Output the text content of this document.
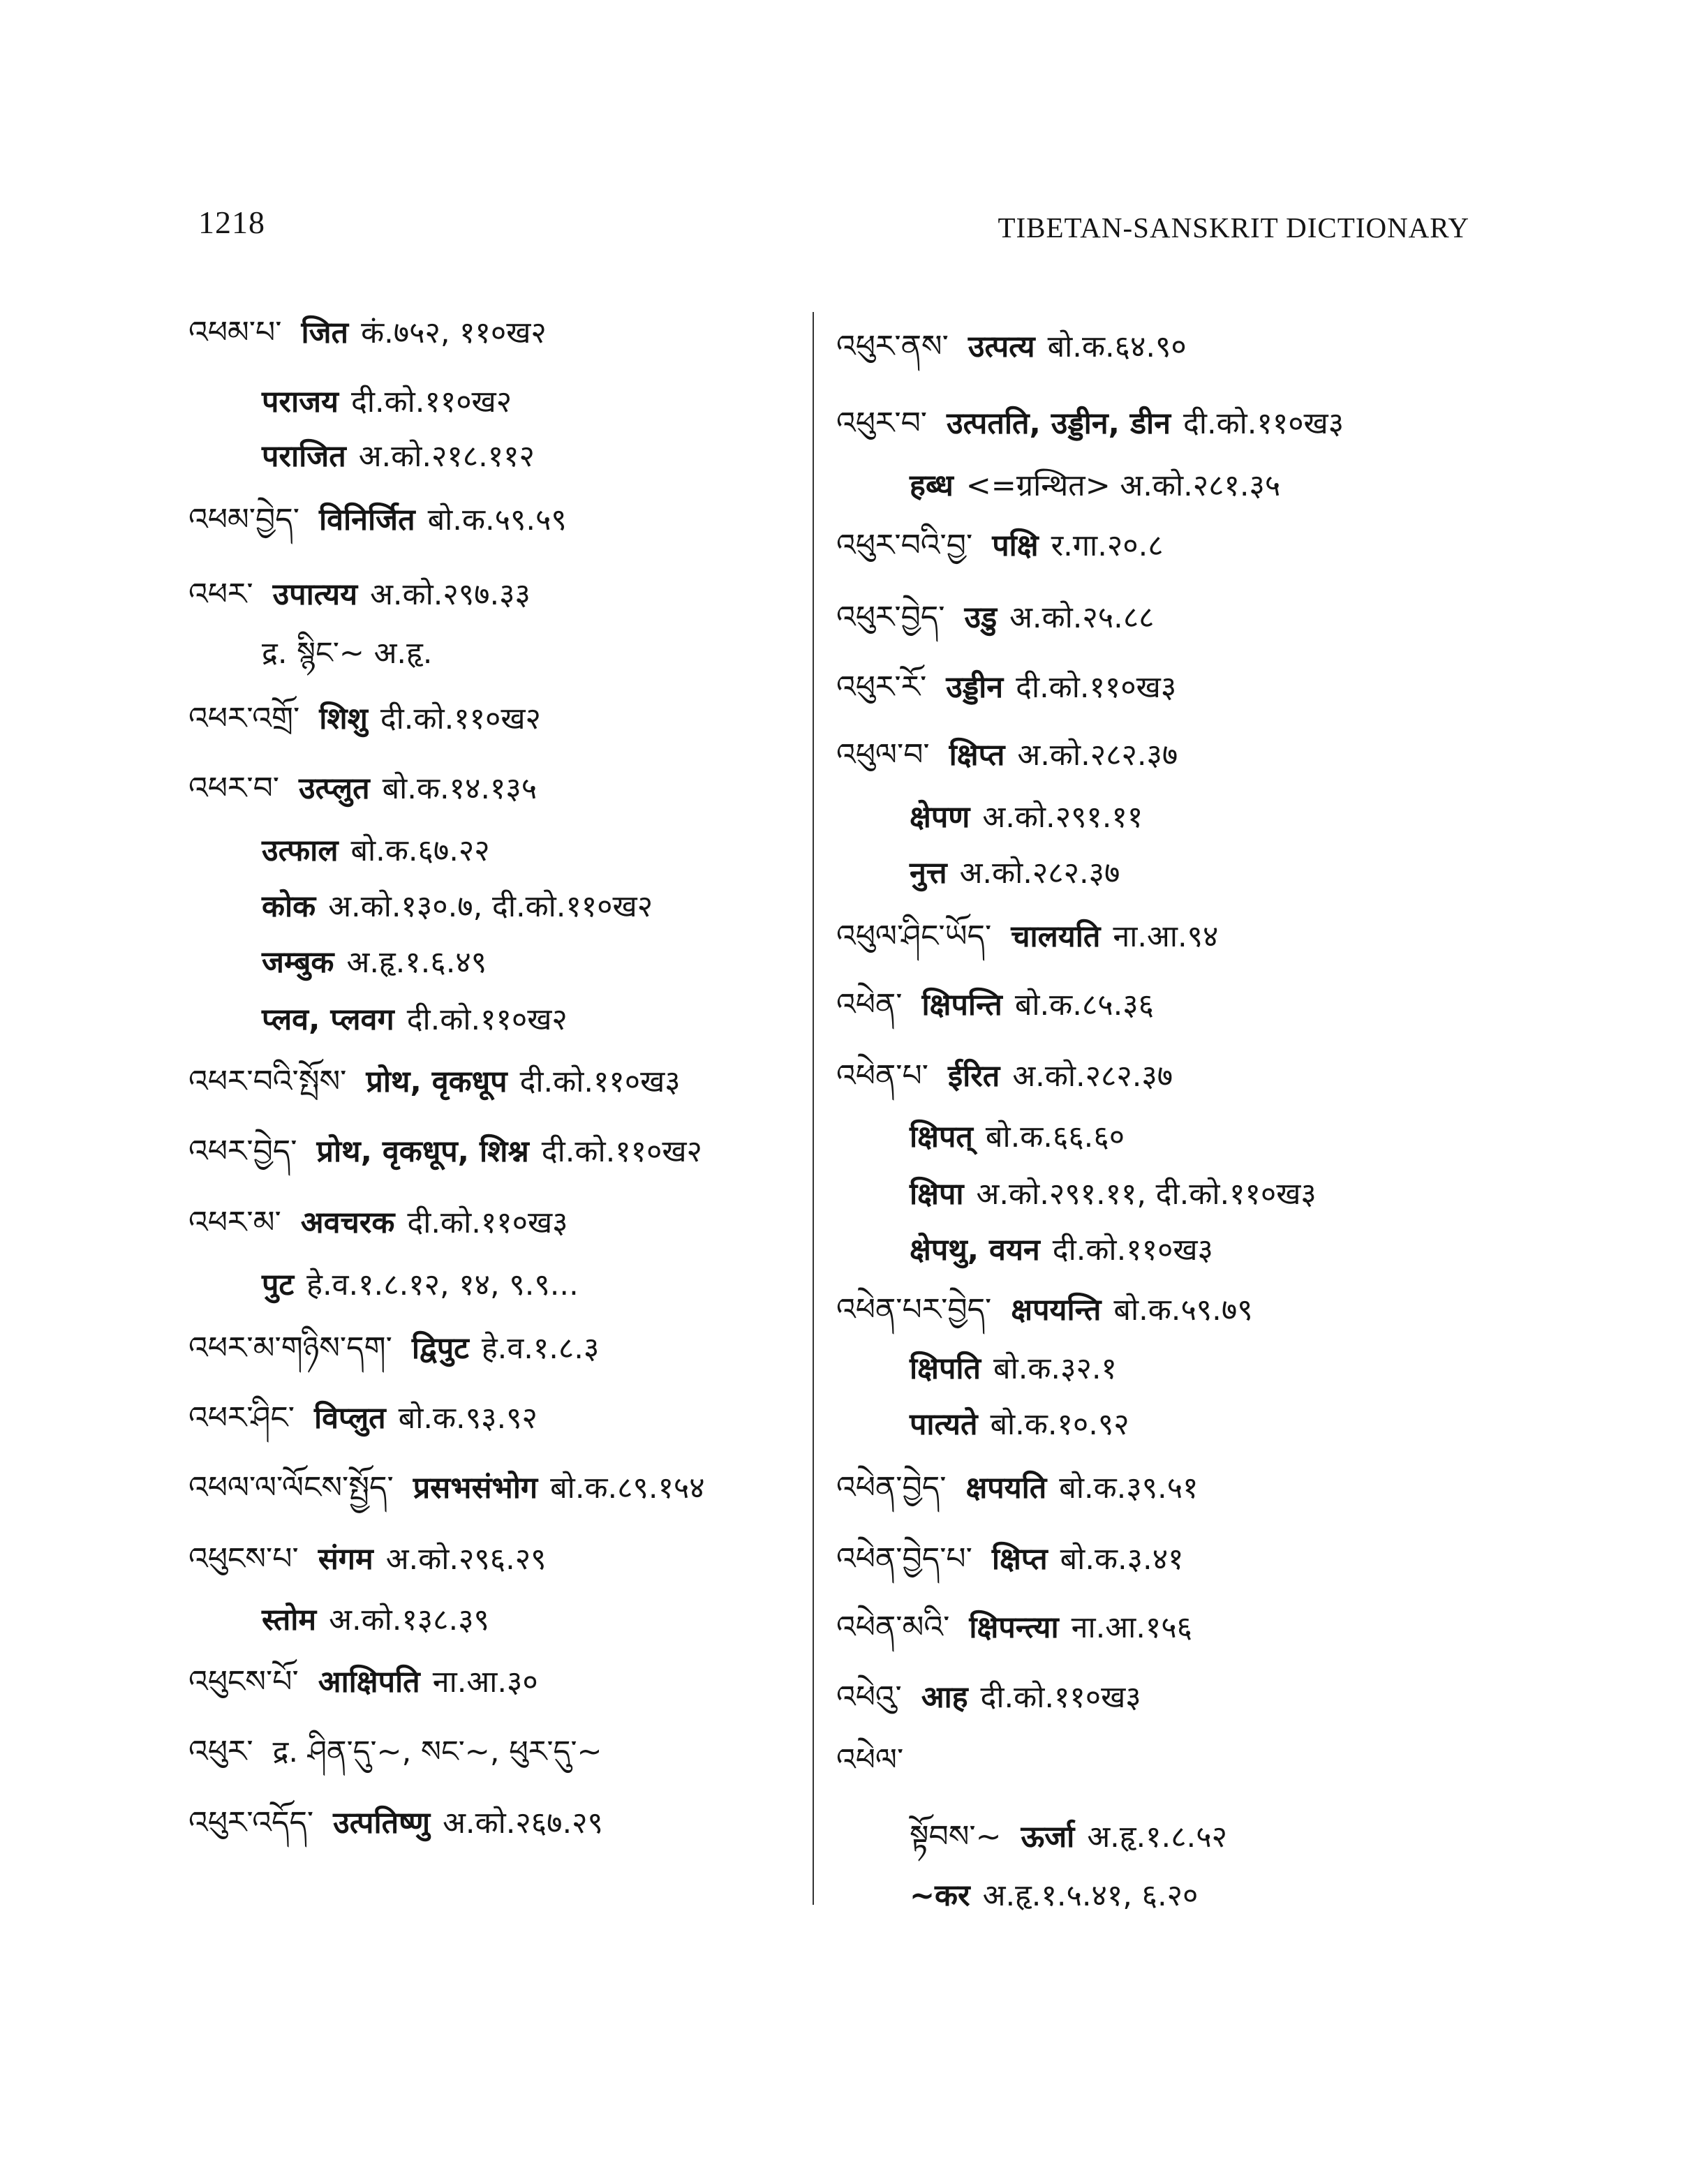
1218	TIBETAN-SANSKRIT DICTIONARY
འཕམ་པ་ जित कं.७५२, ११०ख२
पराजय दी.को.११०ख२
पराजित अ.को.२१८.११२
འཕམ་བྱེད་ विनिर्जित बो.क.५९.५९
འཕར་ उपात्यय अ.को.२९७.३३
द्र. སྙིང་~ अ.हृ.
འཕར་འགྲོ་ शिशु दी.को.११०ख२
འཕར་བ་ उत्प्लुत बो.क.१४.१३५
उत्फाल बो.क.६७.२२
कोक अ.को.१३०.७, दी.को.११०ख२
जम्बुक अ.हृ.१.६.४९
प्लव, प्लवग दी.को.११०ख२
འཕར་བའི་སྤོས་ प्रोथ, वृकधूप दी.को.११०ख३
འཕར་བྱེད་ प्रोथ, वृकधूप, शिश्न दी.को.११०ख२
འཕར་མ་ अवचरक दी.को.११०ख३
पुट हे.व.१.८.१२, १४, ९.९...
འཕར་མ་གཉིས་དག་ द्विपुट हे.व.१.८.३
འཕར་ཤིང་ विप्लुत बो.क.९३.९२
འཕལ་ལ་ལོངས་སྤྱོད་ प्रसभसंभोग बो.क.८९.१५४
འཕུངས་པ་ संगम अ.को.२९६.२९
स्तोम अ.को.१३८.३९
འཕུངས་པོ་ आक्षिपति ना.आ.३०
འཕུར་ द्र. ཤིན་དུ་~, སང་~, ཕུར་དུ་~
འཕུར་འདོད་ उत्पतिष्णु अ.को.२६७.२९
འཕུར་ནས་ उत्पत्य बो.क.६४.९०
འཕུར་བ་ उत्पतति, उड्डीन, डीन दी.को.११०ख३
हब्ध <=ग्रन्थित> अ.को.२८१.३५
འཕུར་བའི་བྱ་ पक्षि र.गा.२०.८
འཕུར་བྱེད་ उडु अ.को.२५.८८
འཕུར་རོ་ उड्डीन दी.को.११०ख३
འཕུལ་བ་ क्षिप्त अ.को.२८२.३७
क्षेपण अ.को.२९१.११
नुत्त अ.को.२८२.३७
འཕུལ་ཤིང་ཡོད་ चालयति ना.आ.९४
འཕེན་ क्षिपन्ति बो.क.८५.३६
འཕེན་པ་ ईरित अ.को.२८२.३७
क्षिपत् बो.क.६६.६०
क्षिपा अ.को.२९१.११, दी.को.११०ख३
क्षेपथु, वयन दी.को.११०ख३
འཕེན་པར་བྱེད་ क्षपयन्ति बो.क.५९.७९
क्षिपति बो.क.३२.१
पात्यते बो.क.१०.९२
འཕེན་བྱེད་ क्षपयति बो.क.३९.५१
འཕེན་བྱེད་པ་ क्षिप्त बो.क.३.४१
འཕེན་མའི་ क्षिपन्त्या ना.आ.१५६
འཕེའུ་ आह दी.को.११०ख३
འཕེལ་
སྟོབས་~ ऊर्जा अ.हृ.१.८.५२
~कर अ.हृ.१.५.४१, ६.२०
